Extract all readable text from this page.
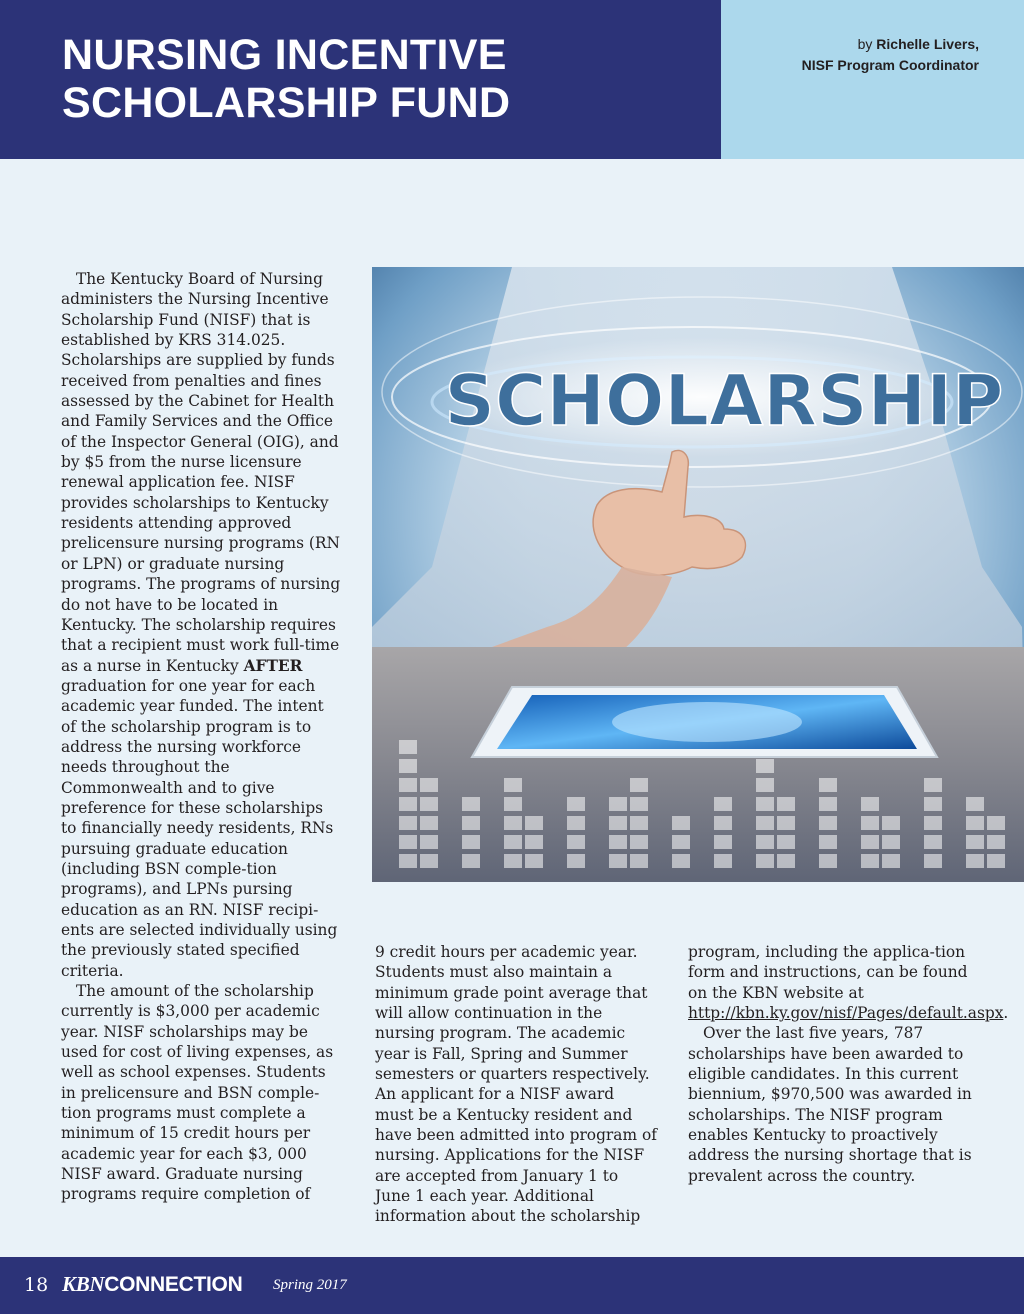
NURSING INCENTIVE
SCHOLARSHIP FUND
by Richelle Livers,
NISF Program Coordinator

The Kentucky Board of Nursing administers the Nursing Incentive Scholarship Fund (NISF) that is established by KRS 314.025. Scholarships are supplied by funds received from penalties and fines assessed by the Cabinet for Health and Family Services and the Office of the Inspector General (OIG), and by $5 from the nurse licensure renewal application fee. NISF provides scholarships to Kentucky residents attending approved prelicensure nursing programs (RN or LPN) or graduate nursing programs. The programs of nursing do not have to be located in Kentucky. The scholarship requires that a recipient must work full-time as a nurse in Kentucky AFTER graduation for one year for each academic year funded. The intent of the scholarship program is to address the nursing workforce needs throughout the Commonwealth and to give preference for these scholarships to financially needy residents, RNs pursuing graduate education (including BSN comple-tion programs), and LPNs pursing education as an RN. NISF recipi-ents are selected individually using the previously stated specified criteria.

The amount of the scholarship currently is $3,000 per academic year. NISF scholarships may be used for cost of living expenses, as well as school expenses. Students in prelicensure and BSN comple-tion programs must complete a minimum of 15 credit hours per academic year for each $3, 000 NISF award. Graduate nursing programs require completion of

SCHOLARSHIP

9 credit hours per academic year. Students must also maintain a minimum grade point average that will allow continuation in the nursing program. The academic year is Fall, Spring and Summer semesters or quarters respectively. An applicant for a NISF award must be a Kentucky resident and have been admitted into program of nursing. Applications for the NISF are accepted from January 1 to June 1 each year. Additional information about the scholarship

program, including the applica-tion form and instructions, can be found on the KBN website at http://kbn.ky.gov/nisf/Pages/default.aspx.

Over the last five years, 787 scholarships have been awarded to eligible candidates. In this current biennium, $970,500 was awarded in scholarships. The NISF program enables Kentucky to proactively address the nursing shortage that is prevalent across the country.

18 KBNCONNECTION Spring 2017
